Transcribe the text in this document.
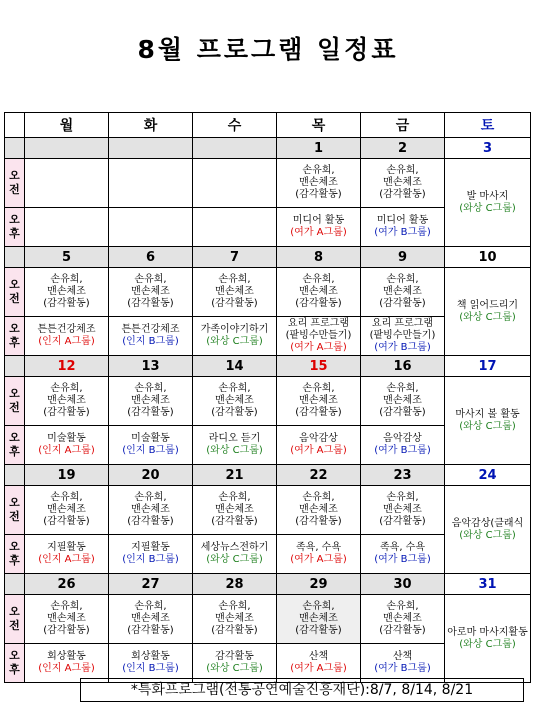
8월 프로그램 일정표
	월	화	수	목	금	토
				1	2	3

오
전				손유희,
맨손체조
(감각활동)	손유희,
맨손체조
(감각활동)	발 마사지
(와상 C그룹)

오
후				미디어 활동
(여가 A그룹)	미디어 활동
(여가 B그룹)	

	5	6	7	8	9	10

오
전	손유희,
맨손체조
(감각활동)	손유희,
맨손체조
(감각활동)	손유희,
맨손체조
(감각활동)	손유희,
맨손체조
(감각활동)	손유희,
맨손체조
(감각활동)	책 읽어드리기
(와상 C그룹)

오
후	튼튼건강체조
(인지 A그룹)	튼튼건강체조
(인지 B그룹)	가족이야기하기
(와상 C그룹)	요리 프로그램
(팥빙수만들기)
(여가 A그룹)	요리 프로그램
(팥빙수만들기)
(여가 B그룹)	

	12	13	14	15	16	17

오
전	손유희,
맨손체조
(감각활동)	손유희,
맨손체조
(감각활동)	손유희,
맨손체조
(감각활동)	손유희,
맨손체조
(감각활동)	손유희,
맨손체조
(감각활동)	마사지 볼 활동
(와상 C그룹)

오
후	미술활동
(인지 A그룹)	미술활동
(인지 B그룹)	라디오 듣기
(와상 C그룹)	음악감상
(여가 A그룹)	음악감상
(여가 B그룹)	

	19	20	21	22	23	24

오
전	손유희,
맨손체조
(감각활동)	손유희,
맨손체조
(감각활동)	손유희,
맨손체조
(감각활동)	손유희,
맨손체조
(감각활동)	손유희,
맨손체조
(감각활동)	음악감상(클래식
(와상 C그룹)

오
후	지필활동
(인지 A그룹)	지필활동
(인지 B그룹)	세상뉴스전하기
(와상 C그룹)	족욕, 수욕
(여가 A그룹)	족욕, 수욕
(여가 B그룹)	

	26	27	28	29	30	31

오
전	손유희,
맨손체조
(감각활동)	손유희,
맨손체조
(감각활동)	손유희,
맨손체조
(감각활동)	손유희,
맨손체조
(감각활동)	손유희,
맨손체조
(감각활동)	아로마 마사지활동
(와상 C그룹)

오
후	회상활동
(인지 A그룹)	회상활동
(인지 B그룹)	감각활동
(와상 C그룹)	산책
(여가 A그룹)	산책
(여가 B그룹)	
*특화프로그램(전통공연예술진흥재단):8/7, 8/14, 8/21
